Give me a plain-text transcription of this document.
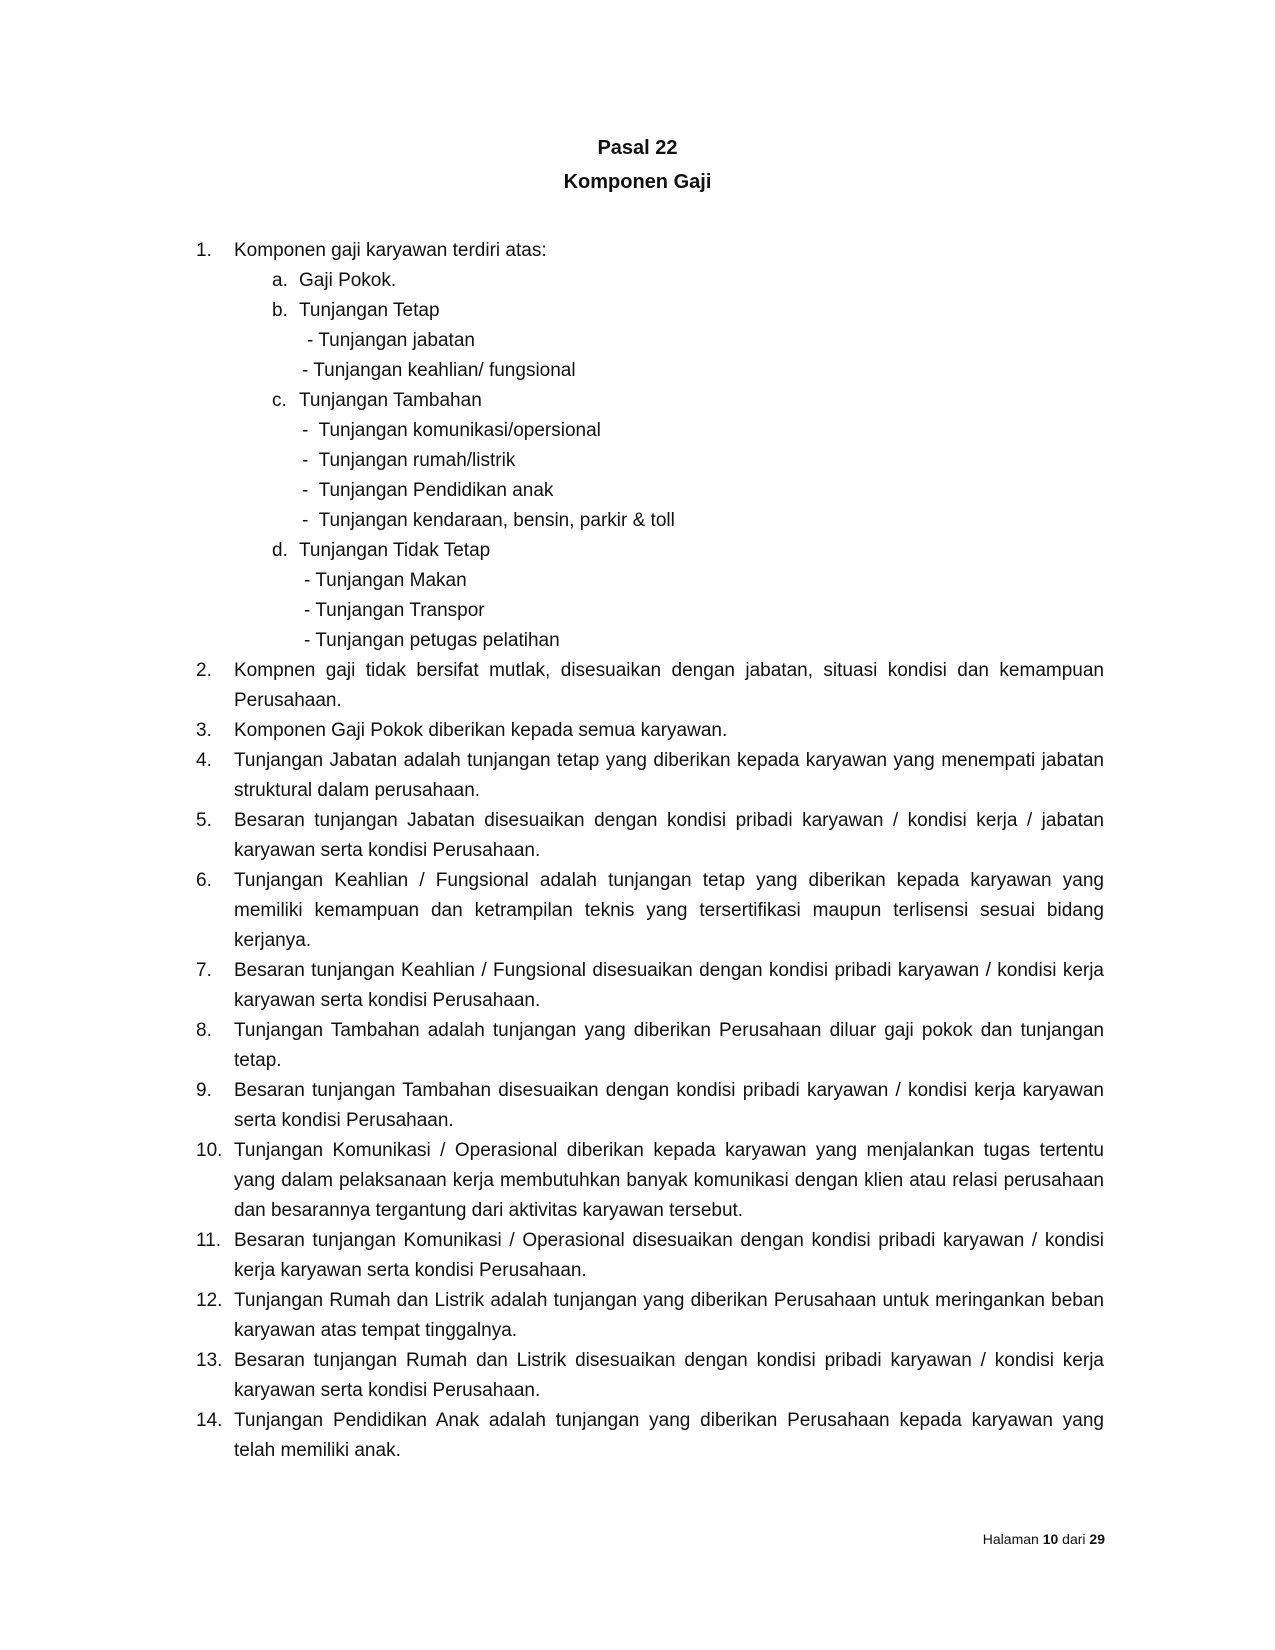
Pasal 22
Komponen Gaji
1. Komponen gaji karyawan terdiri atas:
a. Gaji Pokok.
b. Tunjangan Tetap
- Tunjangan jabatan
- Tunjangan keahlian/ fungsional
c. Tunjangan Tambahan
-  Tunjangan komunikasi/opersional
-  Tunjangan rumah/listrik
-  Tunjangan Pendidikan anak
-  Tunjangan kendaraan, bensin, parkir & toll
d. Tunjangan Tidak Tetap
- Tunjangan Makan
- Tunjangan Transpor
- Tunjangan petugas pelatihan
2. Kompnen gaji tidak bersifat mutlak, disesuaikan dengan jabatan, situasi kondisi dan kemampuan Perusahaan.
3. Komponen Gaji Pokok diberikan kepada semua karyawan.
4. Tunjangan Jabatan adalah tunjangan tetap yang diberikan kepada karyawan yang menempati jabatan struktural dalam perusahaan.
5. Besaran tunjangan Jabatan disesuaikan dengan kondisi pribadi karyawan / kondisi kerja / jabatan karyawan serta kondisi Perusahaan.
6. Tunjangan Keahlian / Fungsional adalah tunjangan tetap yang diberikan kepada karyawan yang memiliki kemampuan dan ketrampilan teknis yang tersertifikasi maupun terlisensi sesuai bidang kerjanya.
7. Besaran tunjangan Keahlian / Fungsional disesuaikan dengan kondisi pribadi karyawan / kondisi kerja karyawan serta kondisi Perusahaan.
8. Tunjangan Tambahan adalah tunjangan yang diberikan Perusahaan diluar gaji pokok dan tunjangan tetap.
9. Besaran tunjangan Tambahan disesuaikan dengan kondisi pribadi karyawan / kondisi kerja karyawan serta kondisi Perusahaan.
10. Tunjangan Komunikasi / Operasional diberikan kepada karyawan yang menjalankan tugas tertentu yang dalam pelaksanaan kerja membutuhkan banyak komunikasi dengan klien atau relasi perusahaan dan besarannya tergantung dari aktivitas karyawan tersebut.
11. Besaran tunjangan Komunikasi / Operasional disesuaikan dengan kondisi pribadi karyawan / kondisi kerja karyawan serta kondisi Perusahaan.
12. Tunjangan Rumah dan Listrik adalah tunjangan yang diberikan Perusahaan untuk meringankan beban karyawan atas tempat tinggalnya.
13. Besaran tunjangan Rumah dan Listrik disesuaikan dengan kondisi pribadi karyawan / kondisi kerja karyawan serta kondisi Perusahaan.
14. Tunjangan Pendidikan Anak adalah tunjangan yang diberikan Perusahaan kepada karyawan yang telah memiliki anak.
Halaman 10 dari 29
